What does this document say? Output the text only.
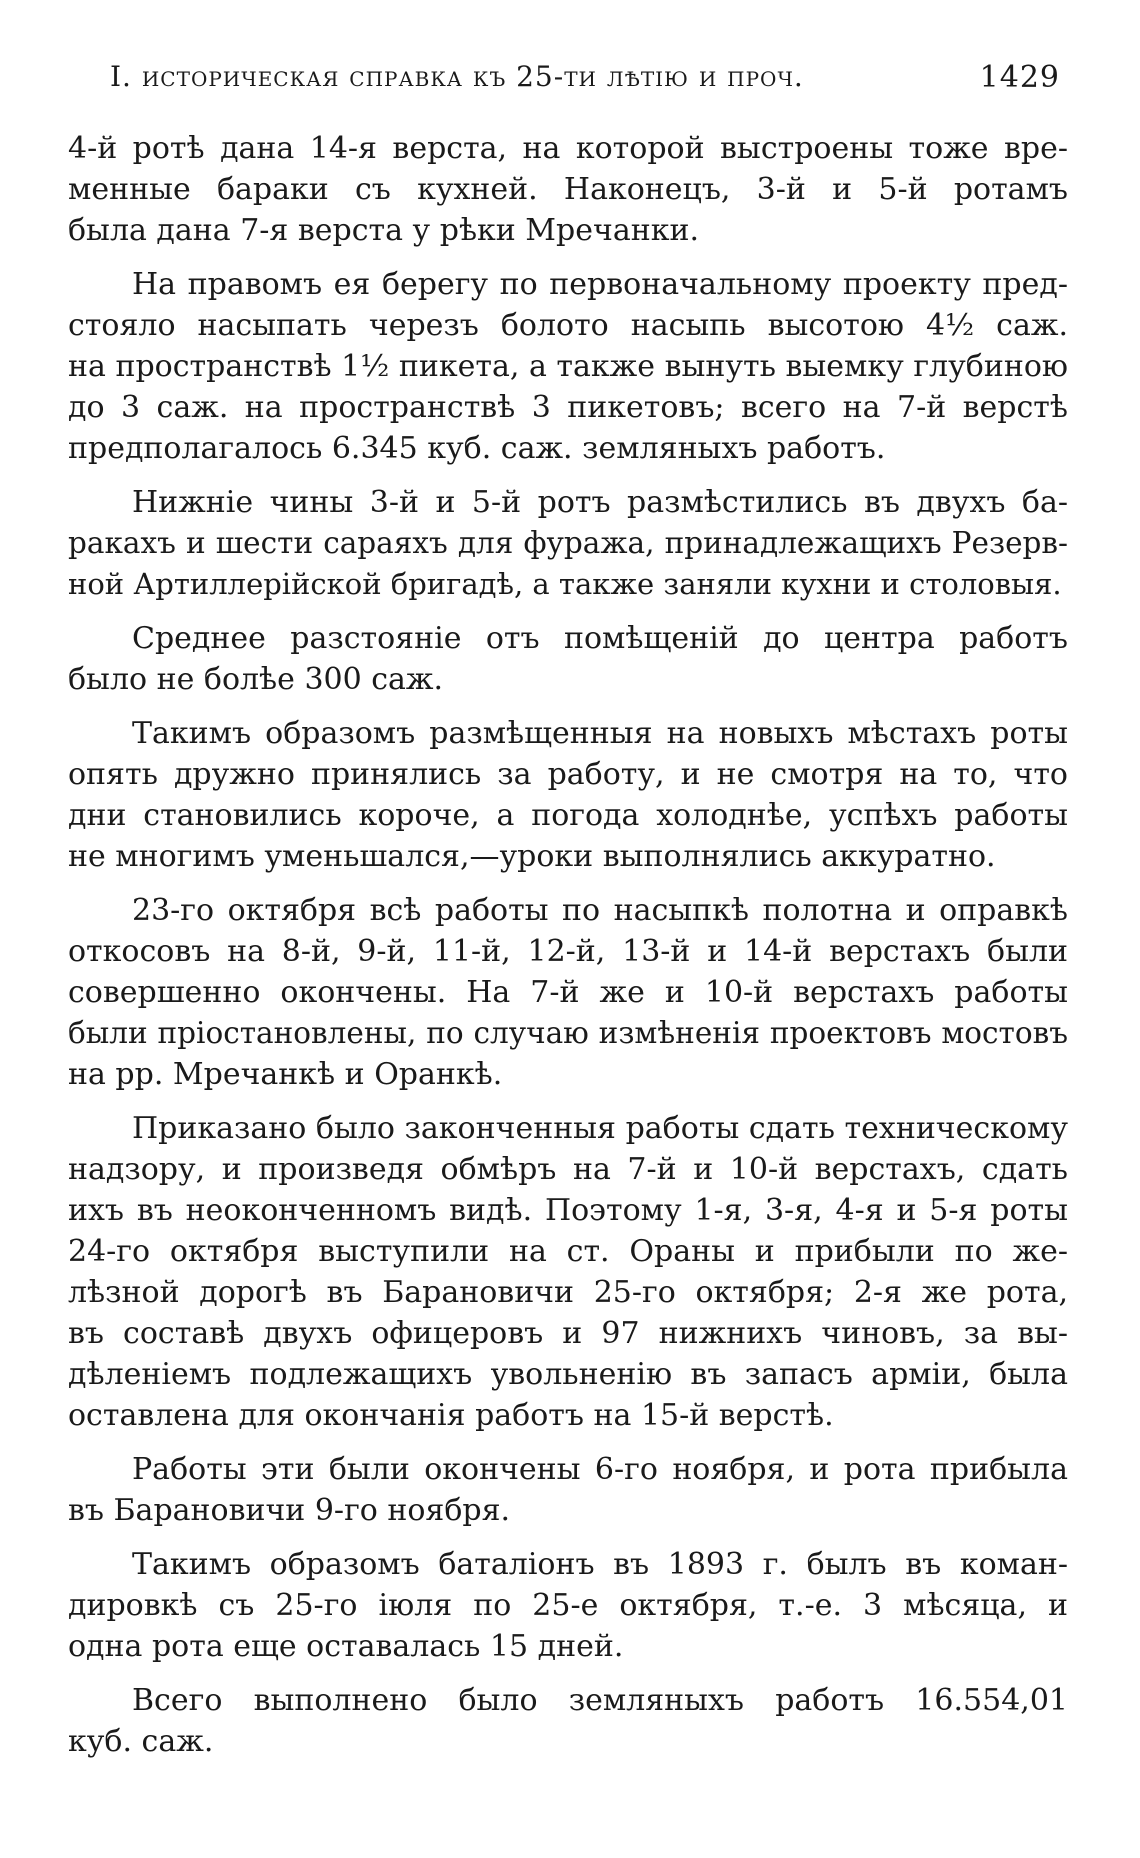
I. историческая справка къ 25-ти лѣтію и проч.	1429
4-й ротѣ дана 14-я верста, на которой выстроены тоже вре-
менные бараки съ кухней. Наконецъ, 3-й и 5-й ротамъ
была дана 7-я верста у рѣки Мречанки.
На правомъ ея берегу по первоначальному проекту пред-
стояло насыпать черезъ болото насыпь высотою 4½ саж.
на пространствѣ 1½ пикета, а также вынуть выемку глубиною
до 3 саж. на пространствѣ 3 пикетовъ; всего на 7-й верстѣ
предполагалось 6.345 куб. саж. земляныхъ работъ.
Нижніе чины 3-й и 5-й ротъ размѣстились въ двухъ ба-
ракахъ и шести сараяхъ для фуража, принадлежащихъ Резерв-
ной Артиллерійской бригадѣ, а также заняли кухни и столовыя.
Среднее разстояніе отъ помѣщеній до центра работъ
было не болѣе 300 саж.
Такимъ образомъ размѣщенныя на новыхъ мѣстахъ роты
опять дружно принялись за работу, и не смотря на то, что
дни становились короче, а погода холоднѣе, успѣхъ работы
не многимъ уменьшался,—уроки выполнялись аккуратно.
23-го октября всѣ работы по насыпкѣ полотна и оправкѣ
откосовъ на 8-й, 9-й, 11-й, 12-й, 13-й и 14-й верстахъ были
совершенно окончены. На 7-й же и 10-й верстахъ работы
были пріостановлены, по случаю измѣненія проектовъ мостовъ
на рр. Мречанкѣ и Оранкѣ.
Приказано было законченныя работы сдать техническому
надзору, и произведя обмѣръ на 7-й и 10-й верстахъ, сдать
ихъ въ неоконченномъ видѣ. Поэтому 1-я, 3-я, 4-я и 5-я роты
24-го октября выступили на ст. Ораны и прибыли по же-
лѣзной дорогѣ въ Барановичи 25-го октября; 2-я же рота,
въ составѣ двухъ офицеровъ и 97 нижнихъ чиновъ, за вы-
дѣленіемъ подлежащихъ увольненію въ запасъ арміи, была
оставлена для окончанія работъ на 15-й верстѣ.
Работы эти были окончены 6-го ноября, и рота прибыла
въ Барановичи 9-го ноября.
Такимъ образомъ баталіонъ въ 1893 г. былъ въ коман-
дировкѣ съ 25-го іюля по 25-е октября, т.-е. 3 мѣсяца, и
одна рота еще оставалась 15 дней.
Всего выполнено было земляныхъ работъ 16.554,01
куб. саж.
